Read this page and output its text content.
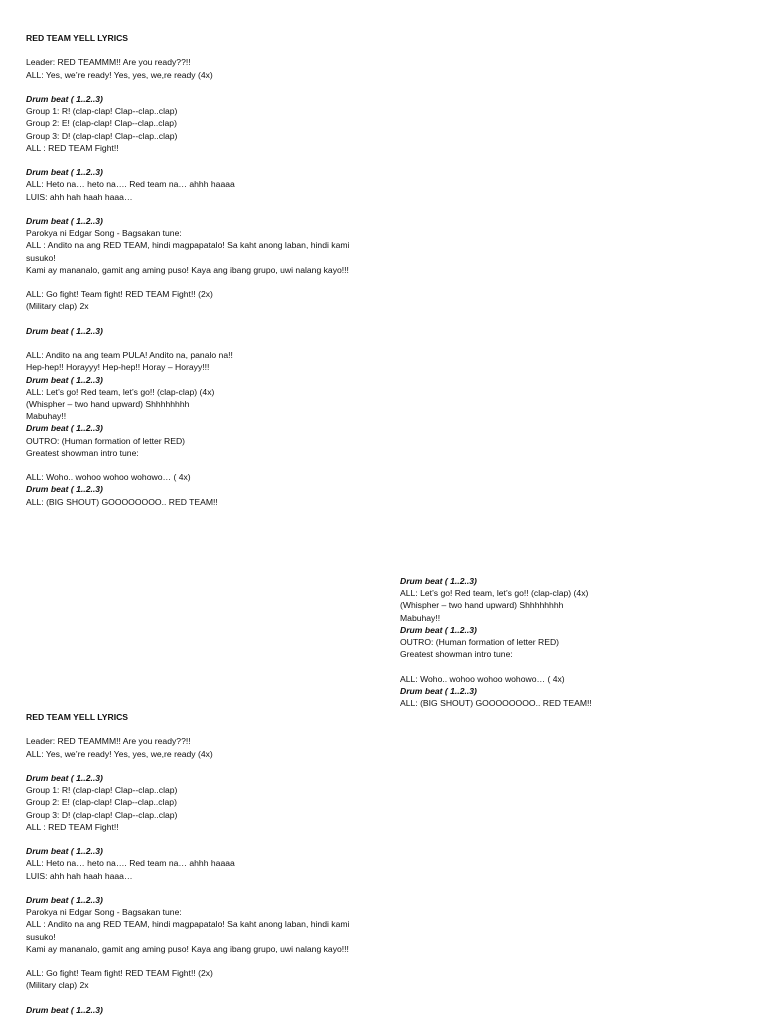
RED TEAM YELL LYRICS
Leader: RED TEAMMM!! Are you ready??!!
ALL: Yes, we’re ready! Yes, yes, we,re ready (4x)
Drum beat ( 1..2..3)
Group 1: R! (clap-clap! Clap--clap..clap)
Group 2: E! (clap-clap! Clap--clap..clap)
Group 3: D! (clap-clap! Clap--clap..clap)
ALL : RED TEAM Fight!!
Drum beat ( 1..2..3)
ALL: Heto na… heto na…. Red team na… ahhh haaaa
LUIS: ahh hah haah haaa…
Drum beat ( 1..2..3)
Parokya ni Edgar Song - Bagsakan tune:
ALL : Andito na ang RED TEAM, hindi magpapatalo! Sa kaht anong laban, hindi kami susuko!
Kami ay mananalo, gamit ang aming puso! Kaya ang ibang grupo, uwi nalang kayo!!!
ALL: Go fight! Team fight! RED TEAM Fight!! (2x)
(Military clap) 2x
Drum beat ( 1..2..3)
ALL: Andito na ang team PULA! Andito na, panalo na!!
Hep-hep!! Horayyy! Hep-hep!! Horay – Horayy!!!
Drum beat ( 1..2..3)
ALL: Let’s go! Red team, let’s go!! (clap-clap) (4x)
(Whispher – two hand upward) Shhhhhhhh
Mabuhay!!
Drum beat ( 1..2..3)
OUTRO: (Human formation of letter RED)
Greatest showman intro tune:
ALL: Woho.. wohoo wohoo wohowo… ( 4x)
Drum beat ( 1..2..3)
ALL: (BIG SHOUT) GOOOOOOOO.. RED TEAM!!
Drum beat ( 1..2..3)
ALL: Let’s go! Red team, let’s go!! (clap-clap) (4x)
(Whispher – two hand upward) Shhhhhhhh
Mabuhay!!
Drum beat ( 1..2..3)
OUTRO: (Human formation of letter RED)
Greatest showman intro tune:
ALL: Woho.. wohoo wohoo wohowo… ( 4x)
Drum beat ( 1..2..3)
ALL: (BIG SHOUT) GOOOOOOOO.. RED TEAM!!
RED TEAM YELL LYRICS
Leader: RED TEAMMM!! Are you ready??!!
ALL: Yes, we’re ready! Yes, yes, we,re ready (4x)
Drum beat ( 1..2..3)
Group 1: R! (clap-clap! Clap--clap..clap)
Group 2: E! (clap-clap! Clap--clap..clap)
Group 3: D! (clap-clap! Clap--clap..clap)
ALL : RED TEAM Fight!!
Drum beat ( 1..2..3)
ALL: Heto na… heto na…. Red team na… ahhh haaaa
LUIS: ahh hah haah haaa…
Drum beat ( 1..2..3)
Parokya ni Edgar Song - Bagsakan tune:
ALL : Andito na ang RED TEAM, hindi magpapatalo! Sa kaht anong laban, hindi kami susuko!
Kami ay mananalo, gamit ang aming puso! Kaya ang ibang grupo, uwi nalang kayo!!!
ALL: Go fight! Team fight! RED TEAM Fight!! (2x)
(Military clap) 2x
Drum beat ( 1..2..3)
